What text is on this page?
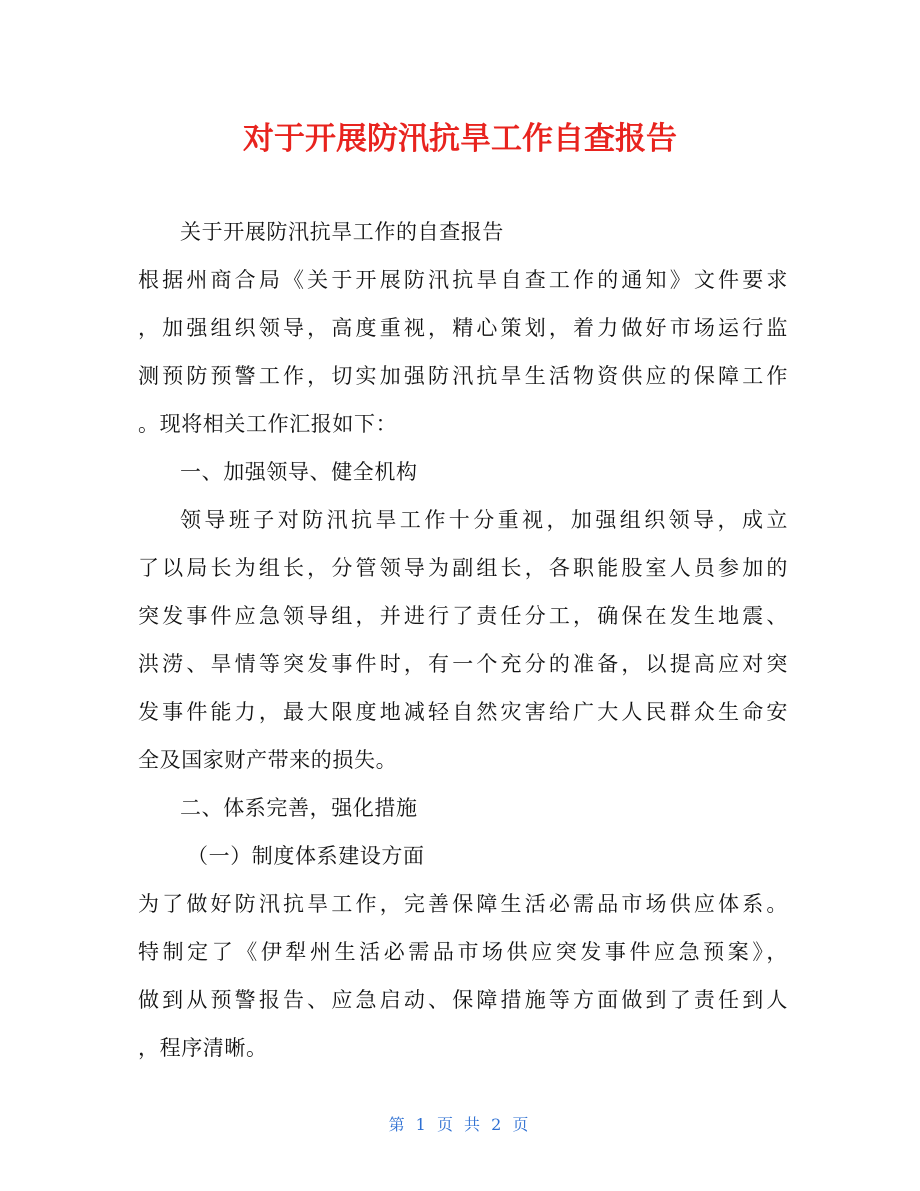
对于开展防汛抗旱工作自查报告
关于开展防汛抗旱工作的自查报告
根据州商合局《关于开展防汛抗旱自查工作的通知》文件要求
，加强组织领导，高度重视，精心策划，着力做好市场运行监
测预防预警工作，切实加强防汛抗旱生活物资供应的保障工作
。现将相关工作汇报如下：
一、加强领导、健全机构
领导班子对防汛抗旱工作十分重视，加强组织领导，成立
了以局长为组长，分管领导为副组长，各职能股室人员参加的
突发事件应急领导组，并进行了责任分工，确保在发生地震、
洪涝、旱情等突发事件时，有一个充分的准备，以提高应对突
发事件能力，最大限度地减轻自然灾害给广大人民群众生命安
全及国家财产带来的损失。
二、体系完善，强化措施
（一）制度体系建设方面
为了做好防汛抗旱工作，完善保障生活必需品市场供应体系。
特制定了《伊犁州生活必需品市场供应突发事件应急预案》，
做到从预警报告、应急启动、保障措施等方面做到了责任到人
，程序清晰。
第 1 页 共 2 页
